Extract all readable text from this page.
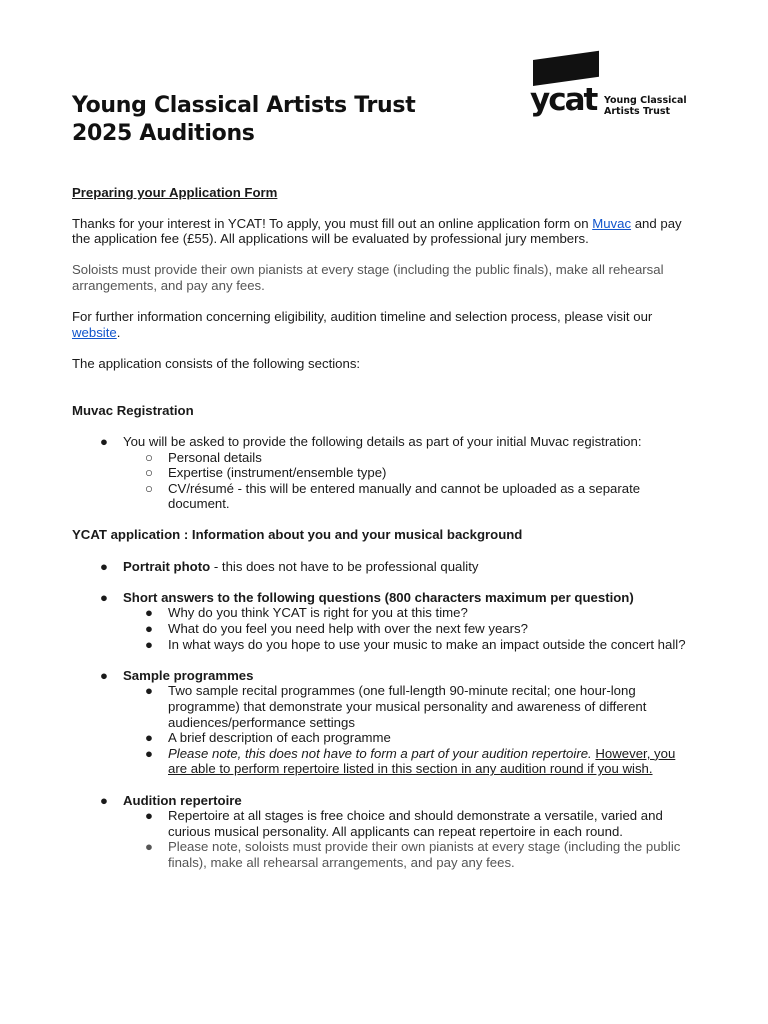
Young Classical Artists Trust
2025 Auditions
ycat Young Classical
Artists Trust
Preparing your Application Form

Thanks for your interest in YCAT! To apply, you must fill out an online application form on Muvac and pay the application fee (£55). All applications will be evaluated by professional jury members.

Soloists must provide their own pianists at every stage (including the public finals), make all rehearsal arrangements, and pay any fees.

For further information concerning eligibility, audition timeline and selection process, please visit our website.

The application consists of the following sections:

Muvac Registration
● You will be asked to provide the following details as part of your initial Muvac registration:
○ Personal details
○ Expertise (instrument/ensemble type)
○ CV/résumé - this will be entered manually and cannot be uploaded as a separate document.
YCAT application : Information about you and your musical background
● Portrait photo - this does not have to be professional quality
● Short answers to the following questions (800 characters maximum per question)
● Why do you think YCAT is right for you at this time?
● What do you feel you need help with over the next few years?
● In what ways do you hope to use your music to make an impact outside the concert hall?
● Sample programmes
● Two sample recital programmes (one full-length 90-minute recital; one hour-long programme) that demonstrate your musical personality and awareness of different audiences/performance settings
● A brief description of each programme
● Please note, this does not have to form a part of your audition repertoire. However, you are able to perform repertoire listed in this section in any audition round if you wish.
● Audition repertoire
● Repertoire at all stages is free choice and should demonstrate a versatile, varied and curious musical personality. All applicants can repeat repertoire in each round.
● Please note, soloists must provide their own pianists at every stage (including the public finals), make all rehearsal arrangements, and pay any fees.
